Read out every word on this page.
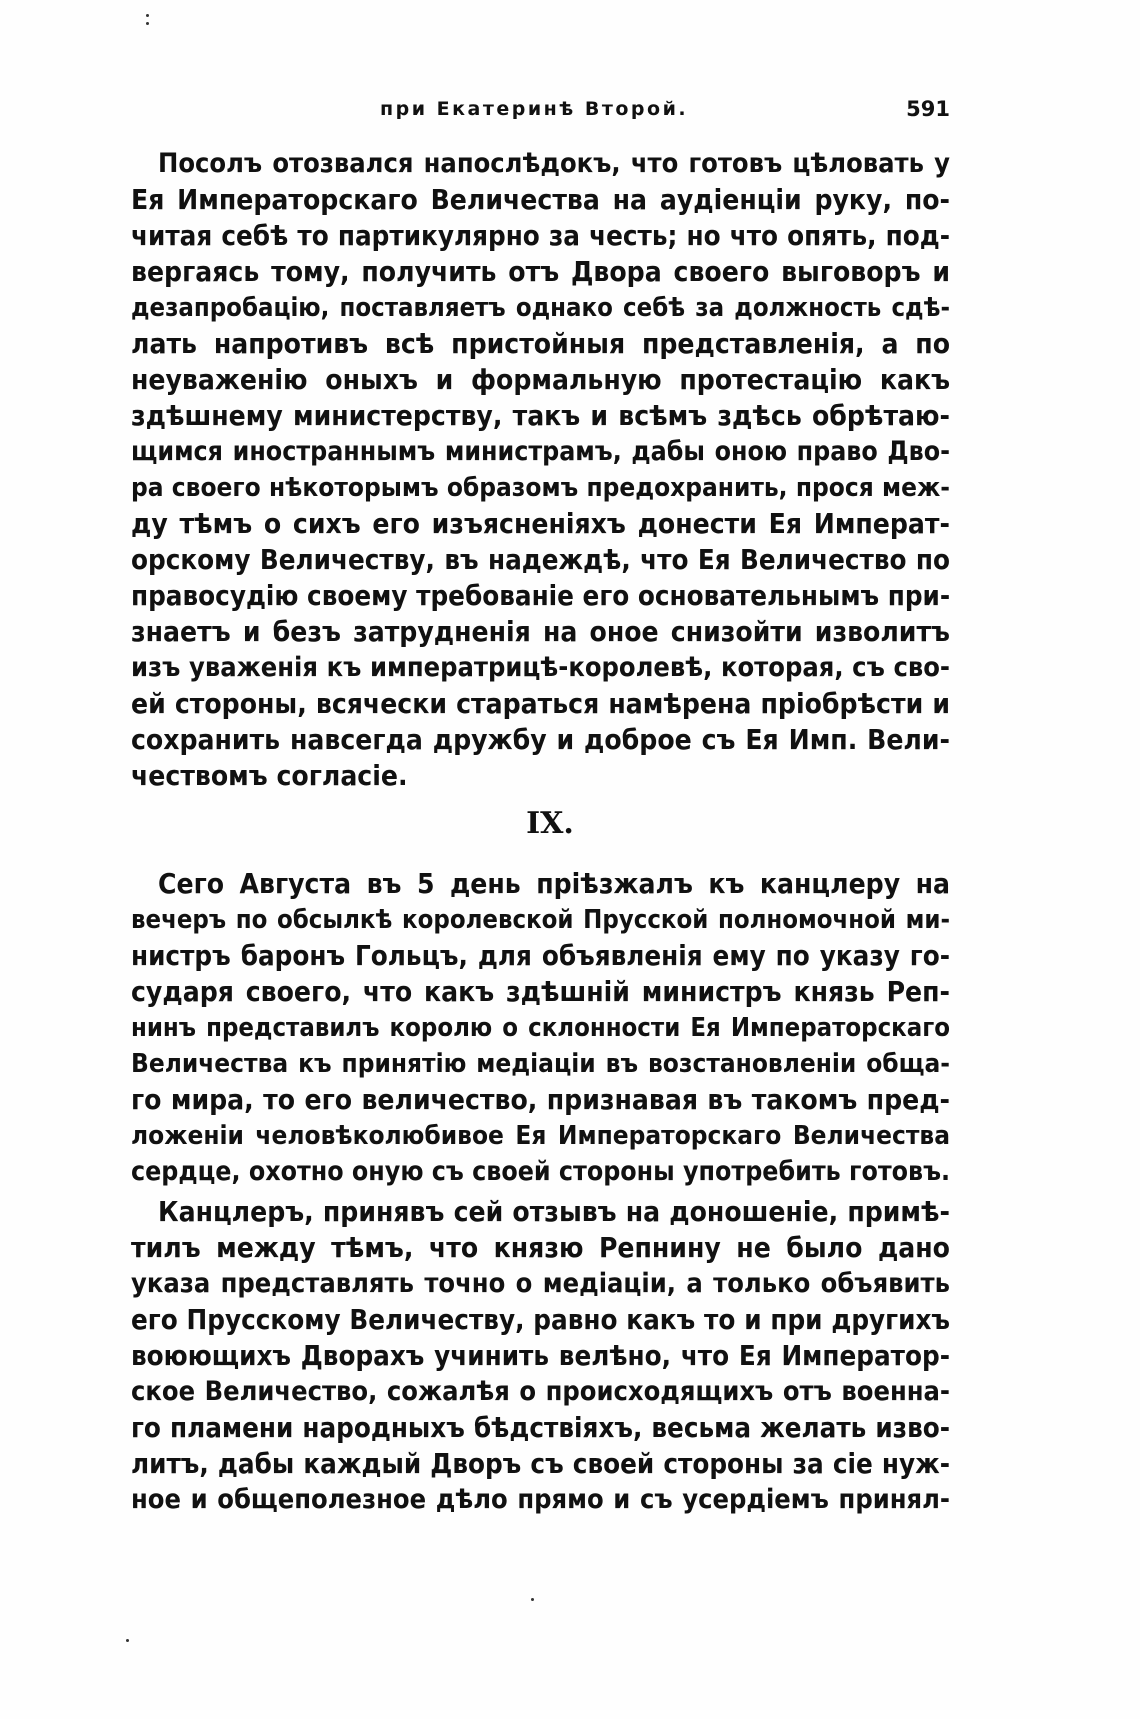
при Екатеринѣ Второй.	591
Посолъ отозвался напослѣдокъ, что готовъ цѣловать у
Ея Императорскаго Величества на аудіенціи руку, по-
читая себѣ то партикулярно за честь; но что опять, под-
вергаясь тому, получить отъ Двора своего выговоръ и
дезапробацію, поставляетъ однако себѣ за должность сдѣ-
лать напротивъ всѣ пристойныя представленія, а по
неуваженію оныхъ и формальную протестацію какъ
здѣшнему министерству, такъ и всѣмъ здѣсь обрѣтаю-
щимся иностраннымъ министрамъ, дабы оною право Дво-
ра своего нѣкоторымъ образомъ предохранить, прося меж-
ду тѣмъ о сихъ его изъясненіяхъ донести Ея Императ-
орскому Величеству, въ надеждѣ, что Ея Величество по
правосудію своему требованіе его основательнымъ при-
знаетъ и безъ затрудненія на оное снизойти изволитъ
изъ уваженія къ императрицѣ-королевѣ, которая, съ сво-
ей стороны, всячески стараться намѣрена пріобрѣсти и
сохранить навсегда дружбу и доброе съ Ея Имп. Вели-
чествомъ согласіе.
IX.
Сего Августа въ 5 день пріѣзжалъ къ канцлеру на
вечеръ по обсылкѣ королевской Прусской полномочной ми-
нистръ баронъ Гольцъ, для объявленія ему по указу го-
сударя своего, что какъ здѣшній министръ князь Реп-
нинъ представилъ королю о склонности Ея Императорскаго
Величества къ принятію медіаціи въ возстановленіи обща-
го мира, то его величество, признавая въ такомъ пред-
ложеніи человѣколюбивое Ея Императорскаго Величества
сердце, охотно оную съ своей стороны употребить готовъ.
Канцлеръ, принявъ сей отзывъ на доношеніе, примѣ-
тилъ между тѣмъ, что князю Репнину не было дано
указа представлять точно о медіаціи, а только объявить
его Прусскому Величеству, равно какъ то и при другихъ
воюющихъ Дворахъ учинить велѣно, что Ея Император-
ское Величество, сожалѣя о происходящихъ отъ военна-
го пламени народныхъ бѣдствіяхъ, весьма желать изво-
литъ, дабы каждый Дворъ съ своей стороны за сіе нуж-
ное и общеполезное дѣло прямо и съ усердіемъ принял-
